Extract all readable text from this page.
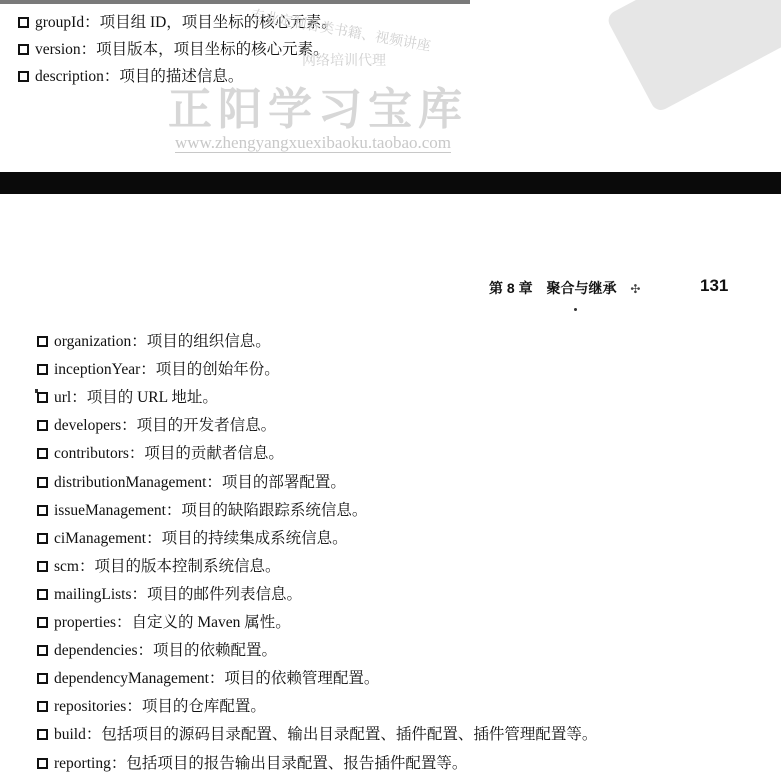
groupId：项目组 ID，项目坐标的核心元素。
version：项目版本，项目坐标的核心元素。
description：项目的描述信息。
专业定制各类书籍、视频讲座
网络培训代理
正阳学习宝库
www.zhengyangxuexibaoku.taobao.com
第 8 章 聚合与继承 ✣	131
organization：项目的组织信息。
inceptionYear：项目的创始年份。
url：项目的 URL 地址。
developers：项目的开发者信息。
contributors：项目的贡献者信息。
distributionManagement：项目的部署配置。
issueManagement：项目的缺陷跟踪系统信息。
ciManagement：项目的持续集成系统信息。
scm：项目的版本控制系统信息。
mailingLists：项目的邮件列表信息。
properties：自定义的 Maven 属性。
dependencies：项目的依赖配置。
dependencyManagement：项目的依赖管理配置。
repositories：项目的仓库配置。
build：包括项目的源码目录配置、输出目录配置、插件配置、插件管理配置等。
reporting：包括项目的报告输出目录配置、报告插件配置等。
